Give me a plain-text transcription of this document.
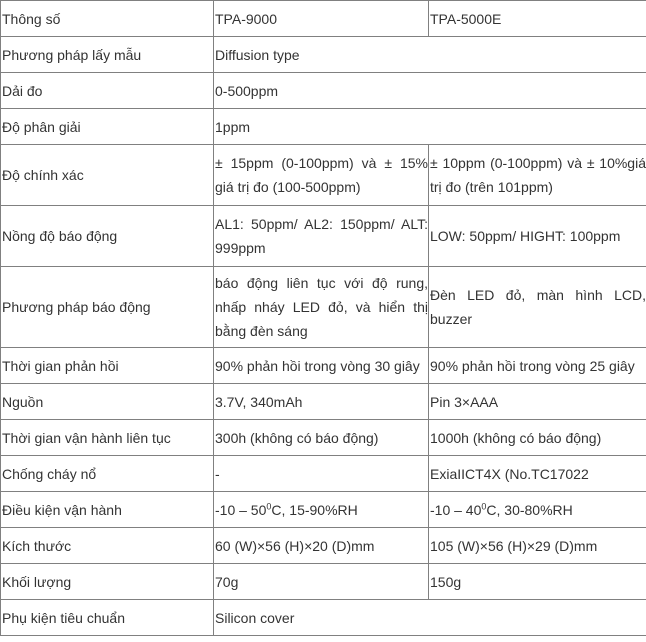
Thông số	TPA-9000	TPA-5000E
Phương pháp lấy mẫu	Diffusion type	
Dải đo	0-500ppm	
Độ phân giải	1ppm	
Độ chính xác	± 15ppm (0-100ppm) và ± 15% giá trị đo (100-500ppm)	± 10ppm (0-100ppm) và ± 10%giá trị đo (trên 101ppm)
Nồng độ báo động	AL1: 50ppm/ AL2: 150ppm/ ALT: 999ppm	LOW: 50ppm/ HIGHT: 100ppm
Phương pháp báo động	báo động liên tục với độ rung, nhấp nháy LED đỏ, và hiển thị bằng đèn sáng	Đèn LED đỏ, màn hình LCD, buzzer
Thời gian phản hồi	90% phản hồi trong vòng 30 giây	90% phản hồi trong vòng 25 giây
Nguồn	3.7V, 340mAh	Pin 3×AAA
Thời gian vận hành liên tục	300h (không có báo động)	1000h (không có báo động)
Chống cháy nổ	-	ExiaIICT4X (No.TC17022
Điều kiện vận hành	$-10 - 50^0C$, 15-90%RH	$-10 - 40^0C$, 30-80%RH
Kích thước	60 (W)×56 (H)×20 (D)mm	105 (W)×56 (H)×29 (D)mm
Khối lượng	70g	150g
Phụ kiện tiêu chuẩn	Silicon cover	
